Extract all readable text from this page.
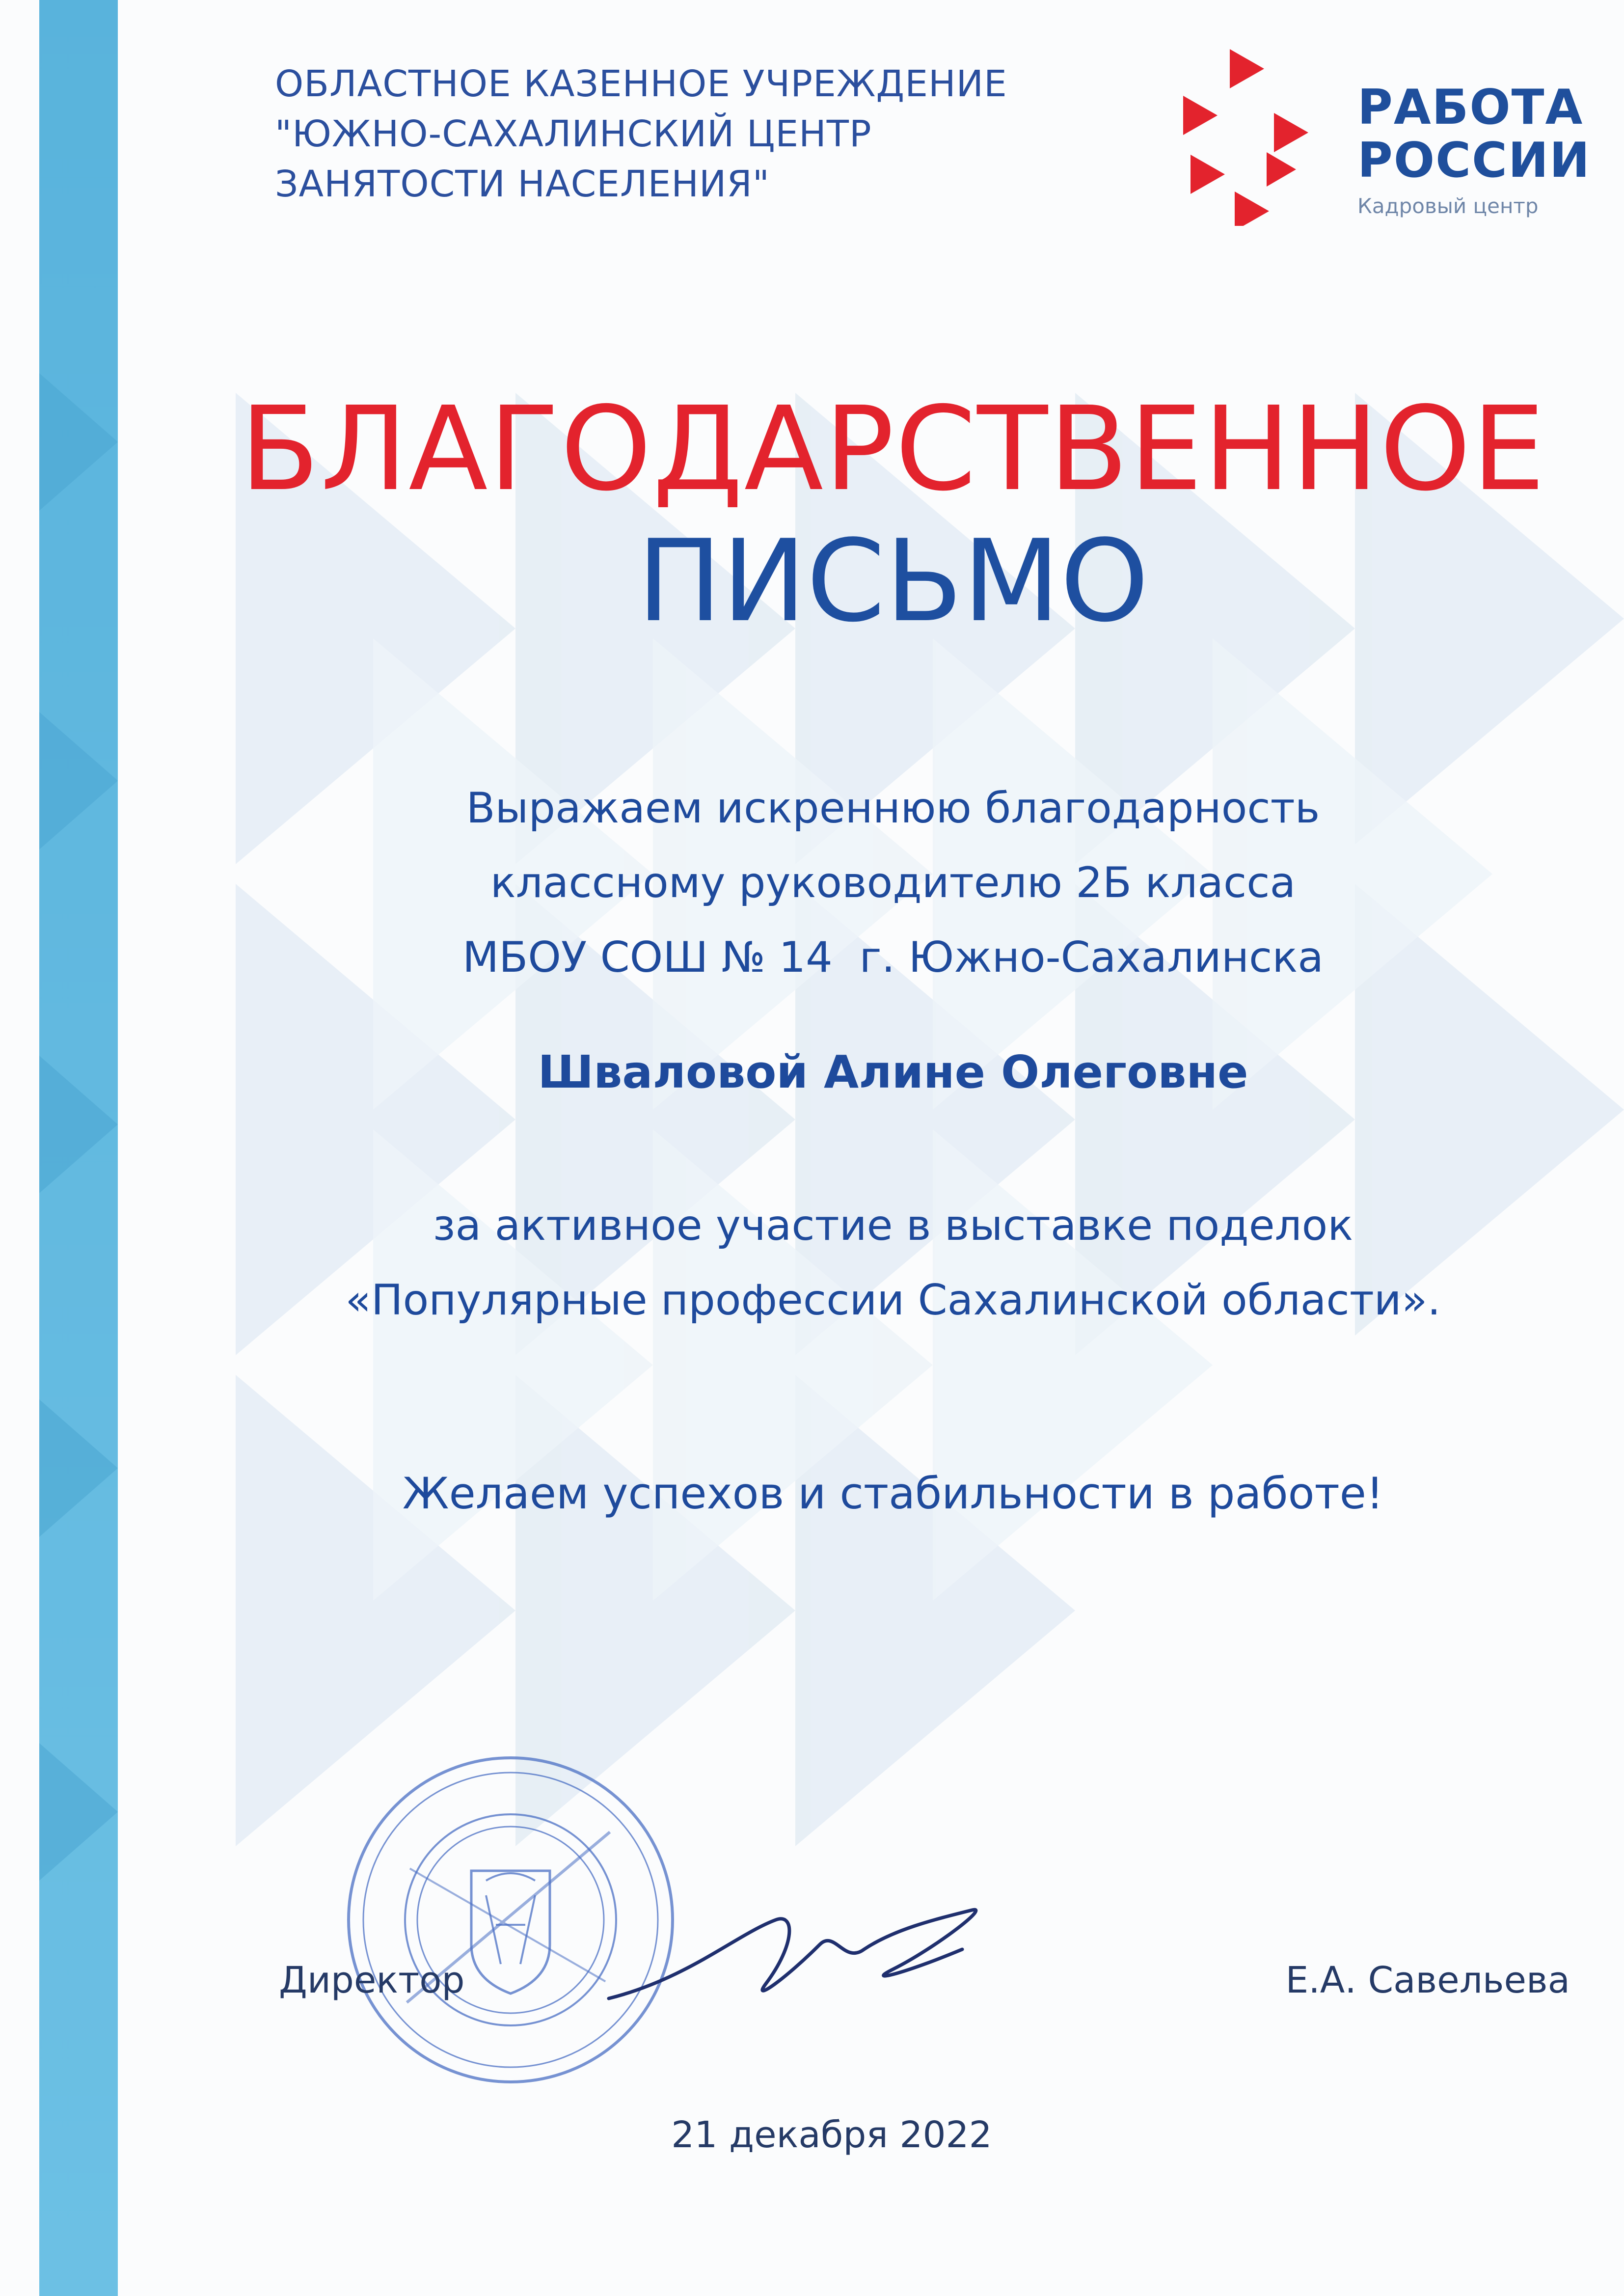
ОБЛАСТНОЕ КАЗЕННОЕ УЧРЕЖДЕНИЕ
"ЮЖНО-САХАЛИНСКИЙ ЦЕНТР
ЗАНЯТОСТИ НАСЕЛЕНИЯ"
РАБОТА
РОССИИ
Кадровый центр
БЛАГОДАРСТВЕННОЕ
ПИСЬМО
Выражаем искреннюю благодарность
классному руководителю 2Б класса
МБОУ СОШ № 14  г. Южно-Сахалинска
Шваловой Алине Олеговне
за активное участие в выставке поделок
«Популярные профессии Сахалинской области».
Желаем успехов и стабильности в работе!
Директор	Е.А. Савельева
21 декабря 2022
